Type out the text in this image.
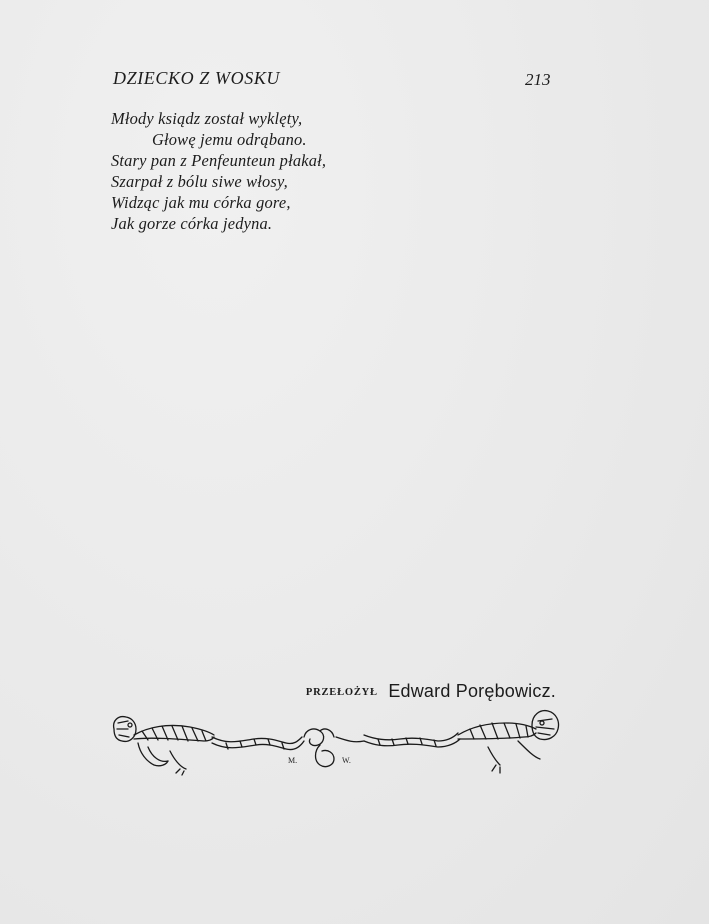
DZIECKO Z WOSKU	213
Młody ksiądz został wyklęty,
Głowę jemu odrąbano.
Stary pan z Penfeunteun płakał,
Szarpał z bólu siwe włosy,
Widząc jak mu córka gore,
Jak gorze córka jedyna.
PRZEŁOŻYŁ Edward Porębowicz.
M.	W.
